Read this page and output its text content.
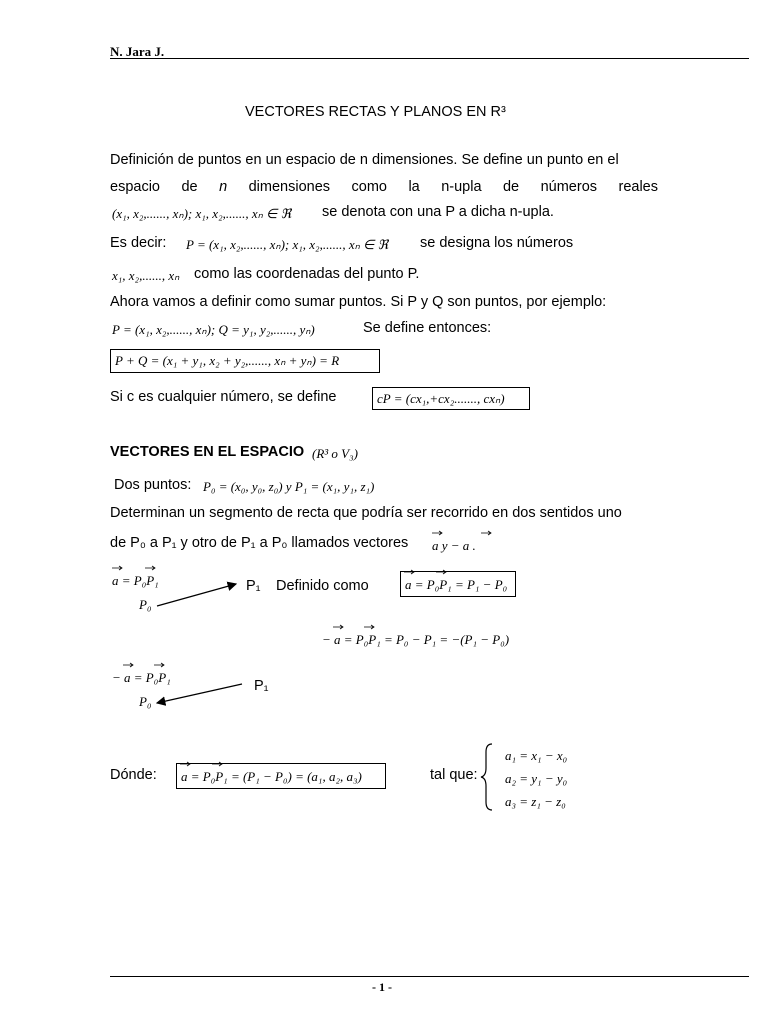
N. Jara J.
VECTORES RECTAS Y PLANOS EN R³
Definición de puntos en un espacio de n dimensiones. Se define un punto en el
espacio de n dimensiones como la n-upla de números reales
(x₁, x₂,......, xₙ); x₁, x₂,......, xₙ ∈ ℜ se denota con una P a dicha n-upla.
Es decir: P = (x₁, x₂,......, xₙ); x₁, x₂,......, xₙ ∈ ℜ se designa los números
x₁, x₂,......, xₙ como las coordenadas del punto P.
Ahora vamos a definir como sumar puntos. Si P y Q son puntos, por ejemplo:
P = (x₁, x₂,......, xₙ); Q = y₁, y₂,......, yₙ)	Se define entonces:
P + Q = (x₁ + y₁, x₂ + y₂,......, xₙ + yₙ) = R
Si c es cualquier número, se define	cP = (cx₁,+cx₂......., cxₙ)
VECTORES EN EL ESPACIO (R³ o V₃)
Dos puntos: P₀ = (x₀, y₀, z₀) y P₁ = (x₁, y₁, z₁)
Determinan un segmento de recta que podría ser recorrido en dos sentidos uno
de P₀ a P₁ y otro de P₁ a P₀ llamados vectores a y − a .
a = P₀P₁
P₀
P₁ Definido como	a = P₀P₁ = P₁ − P₀
− a = P₀P₁ = P₀ − P₁ = −(P₁ − P₀)
− a = P₀P₁
P₁
P₀
Dónde: a = P₀P₁ = (P₁ − P₀) = (a₁, a₂, a₃)	tal que:
a₁ = x₁ − x₀
a₂ = y₁ − y₀
a₃ = z₁ − z₀
- 1 -
